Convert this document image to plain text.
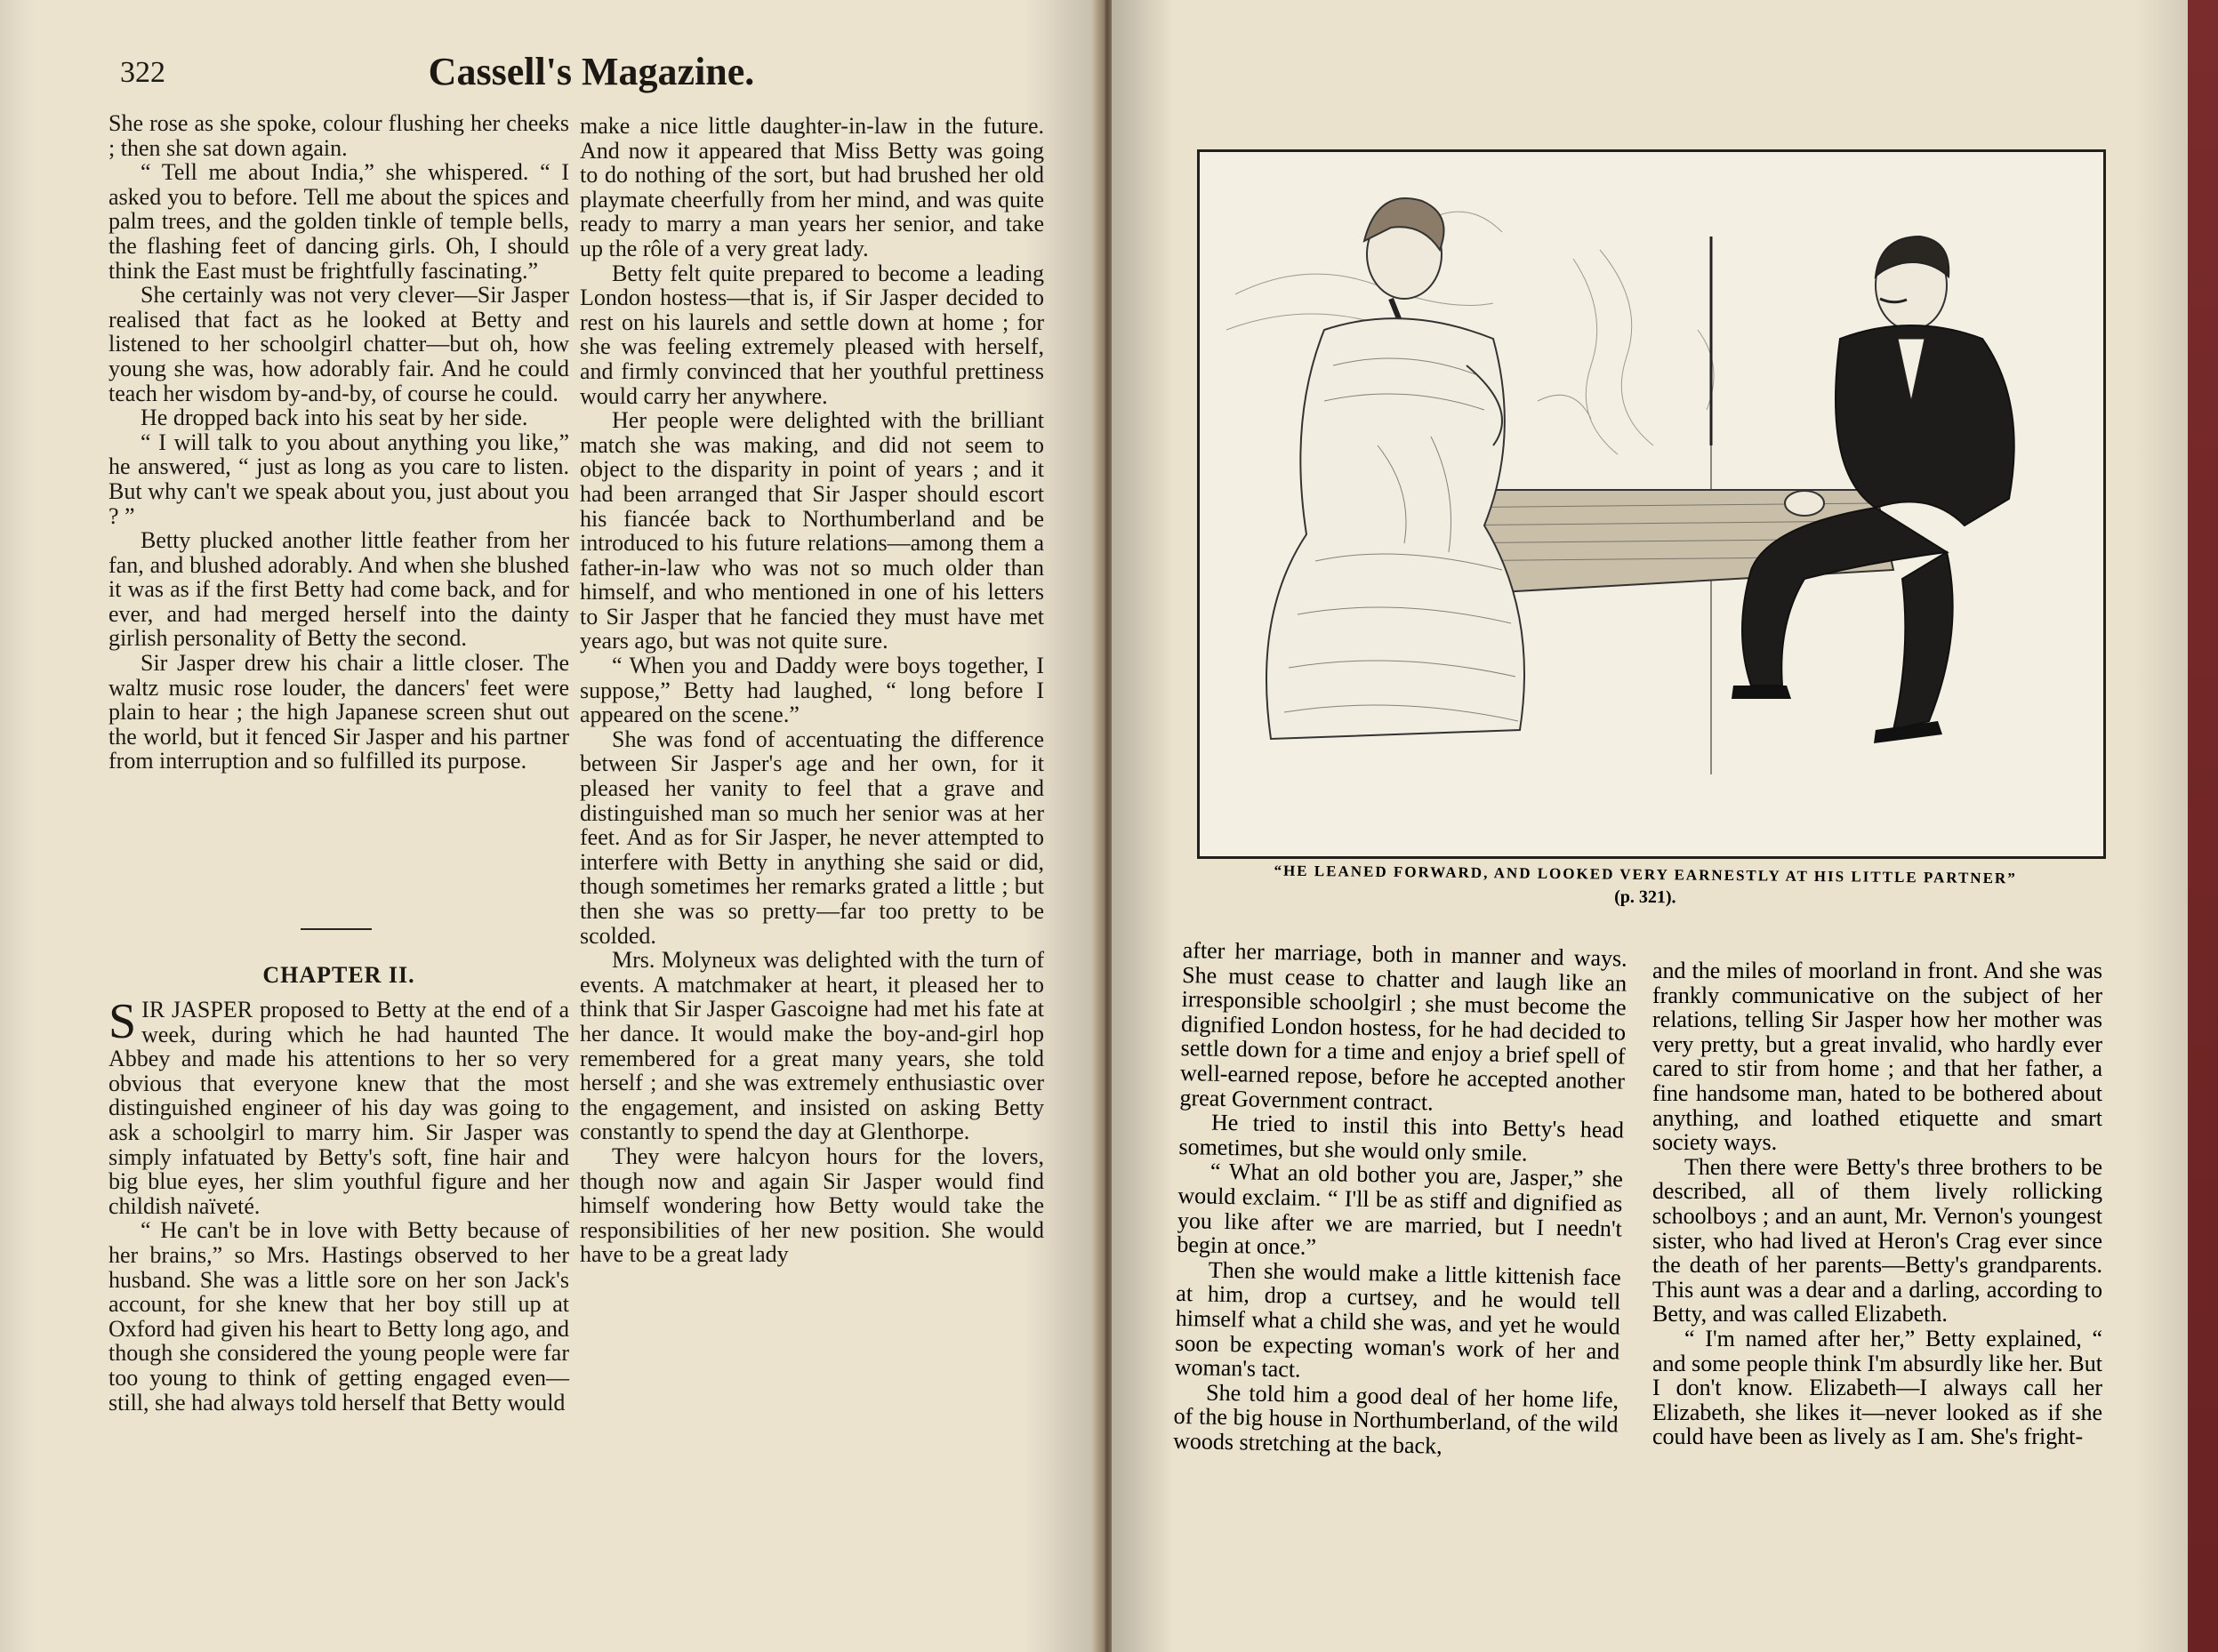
322	Cassell's Magazine.

She rose as she spoke, colour flushing her cheeks ; then she sat down again.

“ Tell me about India,” she whispered. “ I asked you to before. Tell me about the spices and palm trees, and the golden tinkle of temple bells, the flashing feet of dancing girls. Oh, I should think the East must be frightfully fascinating.”

She certainly was not very clever—Sir Jasper realised that fact as he looked at Betty and listened to her schoolgirl chatter—but oh, how young she was, how adorably fair. And he could teach her wisdom by-and-by, of course he could.

He dropped back into his seat by her side.

“ I will talk to you about anything you like,” he answered, “ just as long as you care to listen. But why can't we speak about you, just about you ? ”

Betty plucked another little feather from her fan, and blushed adorably. And when she blushed it was as if the first Betty had come back, and for ever, and had merged herself into the dainty girlish personality of Betty the second.

Sir Jasper drew his chair a little closer. The waltz music rose louder, the dancers' feet were plain to hear ; the high Japanese screen shut out the world, but it fenced Sir Jasper and his partner from interruption and so fulfilled its purpose.

CHAPTER II.

SIR JASPER proposed to Betty at the end of a week, during which he had haunted The Abbey and made his attentions to her so very obvious that everyone knew that the most distinguished engineer of his day was going to ask a schoolgirl to marry him. Sir Jasper was simply infatuated by Betty's soft, fine hair and big blue eyes, her slim youthful figure and her childish naïveté.

“ He can't be in love with Betty because of her brains,” so Mrs. Hastings observed to her husband. She was a little sore on her son Jack's account, for she knew that her boy still up at Oxford had given his heart to Betty long ago, and though she considered the young people were far too young to think of getting engaged even—still, she had always told herself that Betty would

make a nice little daughter-in-law in the future. And now it appeared that Miss Betty was going to do nothing of the sort, but had brushed her old playmate cheerfully from her mind, and was quite ready to marry a man years her senior, and take up the rôle of a very great lady.

Betty felt quite prepared to become a leading London hostess—that is, if Sir Jasper decided to rest on his laurels and settle down at home ; for she was feeling extremely pleased with herself, and firmly convinced that her youthful prettiness would carry her anywhere.

Her people were delighted with the brilliant match she was making, and did not seem to object to the disparity in point of years ; and it had been arranged that Sir Jasper should escort his fiancée back to Northumberland and be introduced to his future relations—among them a father-in-law who was not so much older than himself, and who mentioned in one of his letters to Sir Jasper that he fancied they must have met years ago, but was not quite sure.

“ When you and Daddy were boys together, I suppose,” Betty had laughed, “ long before I appeared on the scene.”

She was fond of accentuating the difference between Sir Jasper's age and her own, for it pleased her vanity to feel that a grave and distinguished man so much her senior was at her feet. And as for Sir Jasper, he never attempted to interfere with Betty in anything she said or did, though sometimes her remarks grated a little ; but then she was so pretty—far too pretty to be scolded.

Mrs. Molyneux was delighted with the turn of events. A matchmaker at heart, it pleased her to think that Sir Jasper Gascoigne had met his fate at her dance. It would make the boy-and-girl hop remembered for a great many years, she told herself ; and she was extremely enthusiastic over the engagement, and insisted on asking Betty constantly to spend the day at Glenthorpe.

They were halcyon hours for the lovers, though now and again Sir Jasper would find himself wondering how Betty would take the responsibilities of her new position. She would have to be a great lady

“HE LEANED FORWARD, AND LOOKED VERY EARNESTLY AT HIS LITTLE PARTNER”
(p. 321).

after her marriage, both in manner and ways. She must cease to chatter and laugh like an irresponsible schoolgirl ; she must become the dignified London hostess, for he had decided to settle down for a time and enjoy a brief spell of well-earned repose, before he accepted another great Government contract.

He tried to instil this into Betty's head sometimes, but she would only smile.

“ What an old bother you are, Jasper,” she would exclaim. “ I'll be as stiff and dignified as you like after we are married, but I needn't begin at once.”

Then she would make a little kittenish face at him, drop a curtsey, and he would tell himself what a child she was, and yet he would soon be expecting woman's work of her and woman's tact.

She told him a good deal of her home life, of the big house in Northumberland, of the wild woods stretching at the back,

and the miles of moorland in front. And she was frankly communicative on the subject of her relations, telling Sir Jasper how her mother was very pretty, but a great invalid, who hardly ever cared to stir from home ; and that her father, a fine handsome man, hated to be bothered about anything, and loathed etiquette and smart society ways.

Then there were Betty's three brothers to be described, all of them lively rollicking schoolboys ; and an aunt, Mr. Vernon's youngest sister, who had lived at Heron's Crag ever since the death of her parents—Betty's grandparents. This aunt was a dear and a darling, according to Betty, and was called Elizabeth.

“ I'm named after her,” Betty explained, “ and some people think I'm absurdly like her. But I don't know. Elizabeth—I always call her Elizabeth, she likes it—never looked as if she could have been as lively as I am. She's fright-
